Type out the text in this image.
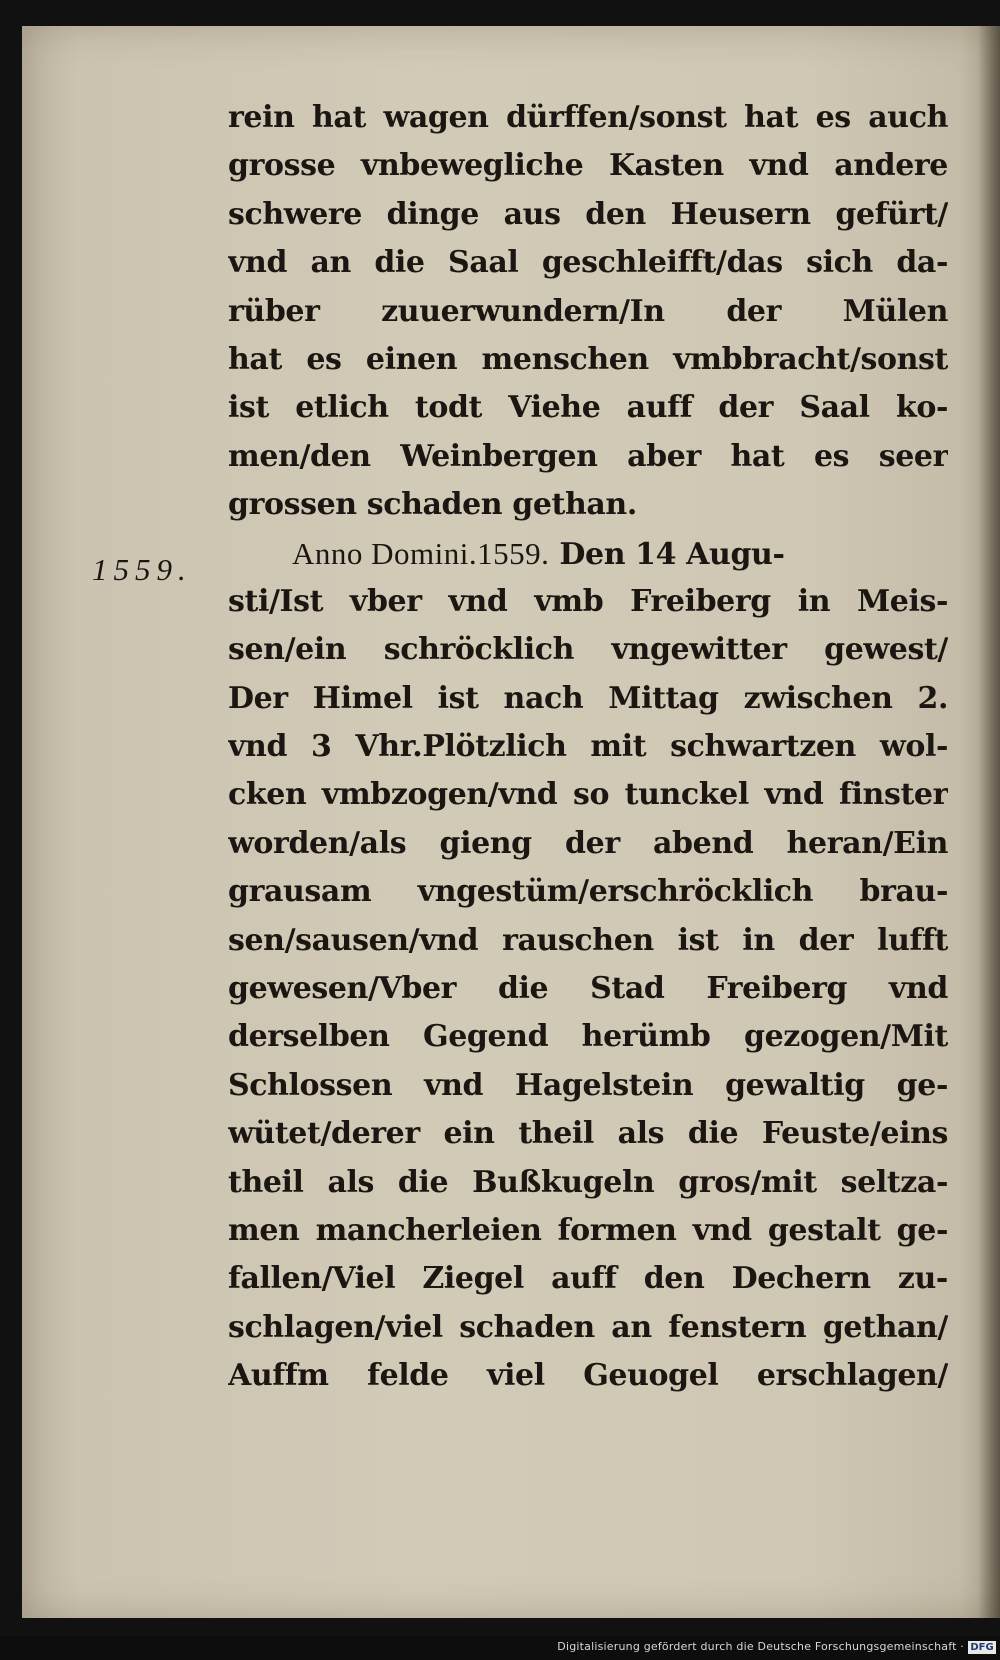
1559.
rein hat wagen dürffen/sonst hat es auch
grosse vnbewegliche Kasten vnd andere
schwere dinge aus den Heusern gefürt/
vnd an die Saal geschleifft/das sich da-
rüber zuuerwundern/In der Mülen
hat es einen menschen vmbbracht/sonst
ist etlich todt Viehe auff der Saal ko-
men/den Weinbergen aber hat es seer
grossen schaden gethan.
Anno Domini.1559. Den 14 Augu-
sti/Ist vber vnd vmb Freiberg in Meis-
sen/ein schröcklich vngewitter gewest/
Der Himel ist nach Mittag zwischen 2.
vnd 3 Vhr.Plötzlich mit schwartzen wol-
cken vmbzogen/vnd so tunckel vnd finster
worden/als gieng der abend heran/Ein
grausam vngestüm/erschröcklich brau-
sen/sausen/vnd rauschen ist in der lufft
gewesen/Vber die Stad Freiberg vnd
derselben Gegend herümb gezogen/Mit
Schlossen vnd Hagelstein gewaltig ge-
wütet/derer ein theil als die Feuste/eins
theil als die Bußkugeln gros/mit seltza-
men mancherleien formen vnd gestalt ge-
fallen/Viel Ziegel auff den Dechern zu-
schlagen/viel schaden an fenstern gethan/
Auffm felde viel Geuogel erschlagen/
Digitalisierung gefördert durch die Deutsche Forschungsgemeinschaft · DFG
